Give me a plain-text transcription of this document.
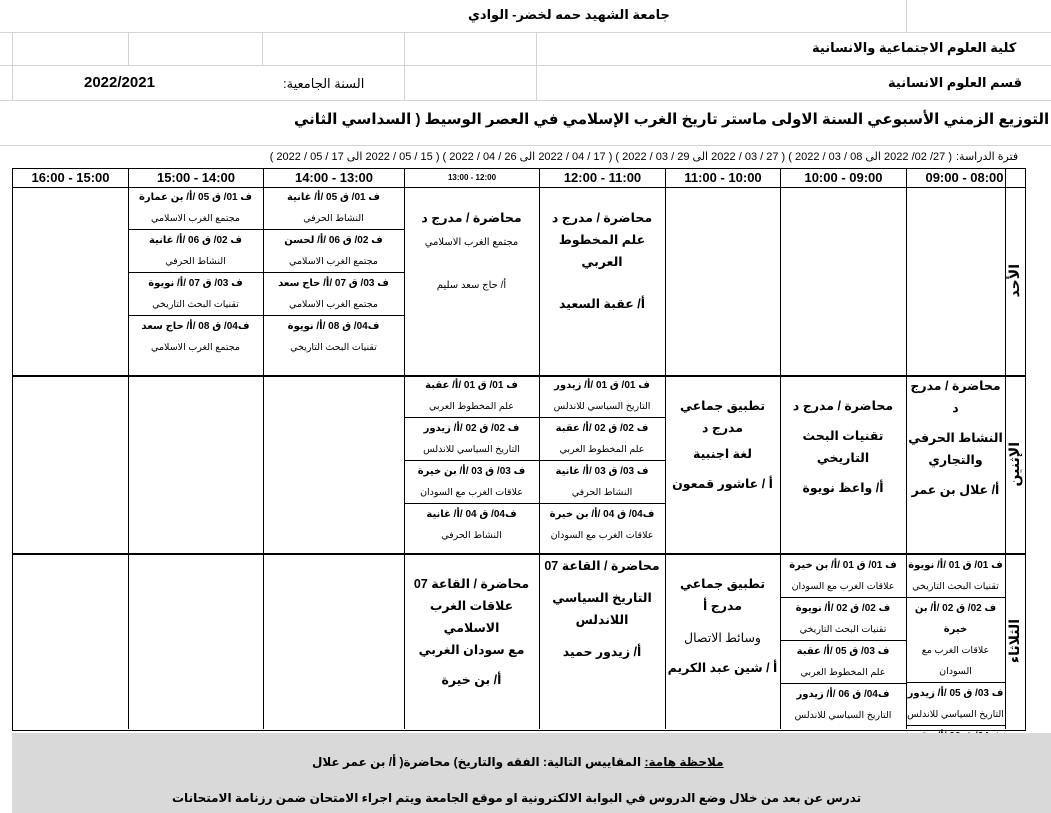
جامعة الشهيد حمه لخضر- الوادي
كلية العلوم الاجتماعية والانسانية
قسم العلوم الانسانية
السنة الجامعية:
2022/2021
التوزيع الزمني الأسبوعي السنة الاولى ماستر تاريخ الغرب الإسلامي في العصر الوسيط ( السداسي الثاني
فترة الدراسة:
( 27/ 02/ 2022 الى 08 / 03 / 2022 ) ( 27 / 03 / 2022 الى 29 / 03 / 2022 ) ( 17 / 04 / 2022 الى 26 / 04 / 2022 ) ( 15 / 05 / 2022 الى 17 / 05 / 2022 )
09:00 - 08:00
10:00 - 09:00
11:00 - 10:00
12:00 - 11:00
13:00 - 12:00
14:00 - 13:00
15:00 - 14:00
16:00 - 15:00
الأحد
الإثنين
الثلاثاء
محاضرة / مدرج د
علم المخطوط
العربي
أ/ عقبة السعيد
محاضرة / مدرج د
مجتمع الغرب الاسلامي
أ/ حاج سعد سليم
ف 01/ ق 05 /أ/ غانية
النشاط الحرفي
ف 02/ ق 06 /أ/ لحسن
مجتمع الغرب الاسلامي
ف 03/ ق 07 /أ/ حاج سعد
مجتمع الغرب الاسلامي
ف04/ ق 08 /أ/ نويوة
تقنيات البحث التاريخي
ف 01/ ق 05 /أ/ بن عمارة
مجتمع الغرب الاسلامي
ف 02/ ق 06 /أ/ غانية
النشاط الحرفي
ف 03/ ق 07 /أ/ نويوة
تقنيات البحث التاريخي
ف04/ ق 08 /أ/ حاج سعد
مجتمع الغرب الاسلامي
محاضرة / مدرج د
النشاط الحرفي
والتجاري
أ/ علال بن عمر
محاضرة / مدرج د
تقنيات البحث
التاريخي
أ/ واعظ نويوة
تطبيق جماعي
مدرج د
لغة اجنبية
أ / عاشور قمعون
ف 01/ ق 01 /أ/ زيدور
التاريخ السياسي للاندلس
ف 02/ ق 02 /أ/ عقبة
علم المخطوط العربي
ف 03/ ق 03 /أ/ غانية
النشاط الحرفي
ف04/ ق 04 /أ/ بن خيرة
علاقات الغرب مع السودان
ف 01/ ق 01 /أ/ عقبة
علم المخطوط العربي
ف 02/ ق 02 /أ/ زيدور
التاريخ السياسي للاندلس
ف 03/ ق 03 /أ/ بن خيرة
علاقات الغرب مع السودان
ف04/ ق 04 /أ/ غانية
النشاط الحرفي
ف 01/ ق 01 /أ/ نويوة
تقنيات البحث التاريخي
ف 02/ ق 02 /أ/ بن خيرة
علاقات الغرب مع السودان
ف 03/ ق 05 /أ/ زيدور
التاريخ السياسي للاندلس
ف 01/ ق 01 /أ/ بن خيرة
علاقات الغرب مع السودان
ف 02/ ق 02 /أ/ نويوة
تقنيات البحث التاريخي
ف 03/ ق 05 /أ/ عقبة
علم المخطوط العربي
ف04/ ق 06 /أ/ زيدور
التاريخ السياسي للاندلس
تطبيق جماعي
مدرج أ
وسائط الاتصال
أ / شين عبد الكريم
محاضرة / القاعة 07
التاريخ السياسي
اللاندلس
أ/ زيدور حميد
محاضرة / القاعة 07
علاقات الغرب
الاسلامي
مع سودان الغربي
أ/ بن خيرة
ملاحظة هامة: المقاييس التالية: الفقه والتاريخ) محاضرة( أ/ بن عمر علال
تدرس عن بعد من خلال وضع الدروس في البوابة الالكترونية او موقع الجامعة ويتم اجراء الامتحان ضمن رزنامة الامتحانات
